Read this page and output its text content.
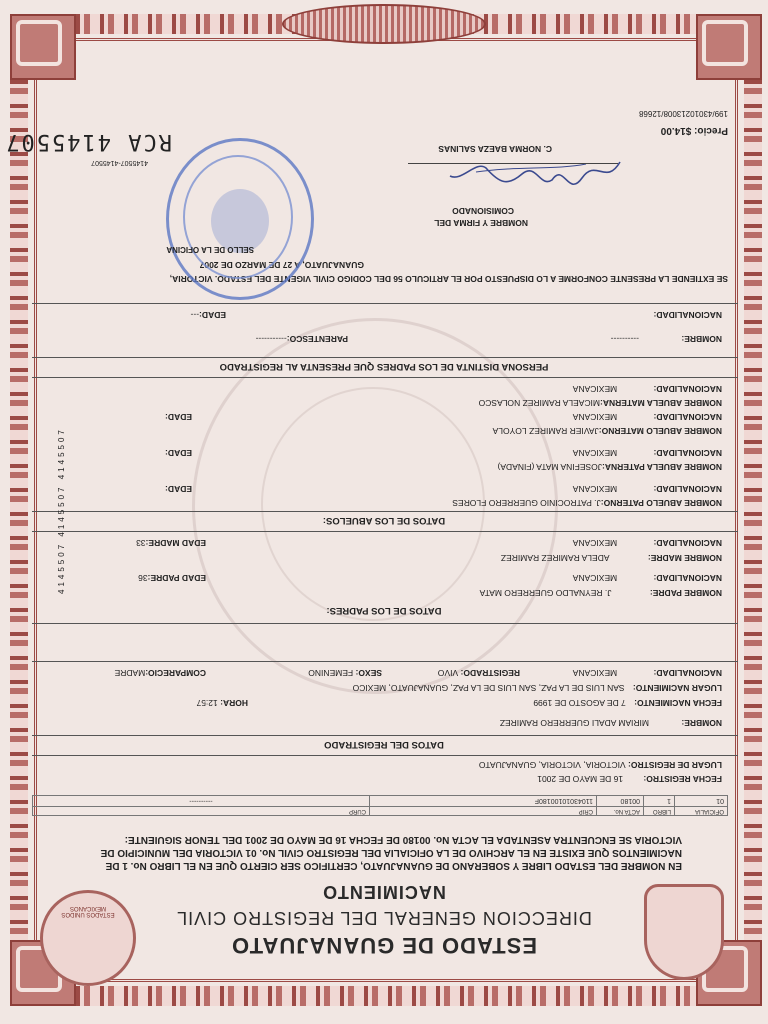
ESTADOS UNIDOS MEXICANOS
ESTADO DE GUANAJUATO
DIRECCION GENERAL DEL REGISTRO CIVIL
NACIMIENTO
EN NOMBRE DEL ESTADO LIBRE Y SOBERANO DE GUANAJUATO, CERTIFICO SER CIERTO QUE EN EL LIBRO No. 1 DE NACIMIENTOS QUE EXISTE EN EL ARCHIVO DE LA OFICIALIA DEL REGISTRO CIVIL No. 01 VICTORIA DEL MUNICIPIO DE VICTORIA SE ENCUENTRA ASENTADA EL ACTA No. 00180 DE FECHA 16 DE MAYO DE 2001 DEL TENOR SIGUIENTE:
OFICIALIA	LIBRO	ACTA No.	CRIP	CURP
01	1	00180	11043010100180F	----------
FECHA REGISTRO: 16 DE MAYO DE 2001
LUGAR DE REGISTRO: VICTORIA, VICTORIA, GUANAJUATO
DATOS DEL REGISTRADO
NOMBRE: MIRIAM ADALI GUERRERO RAMIREZ
FECHA NACIMIENTO: 7 DE AGOSTO DE 1999
HORA: 12:57
LUGAR NACIMIENTO: SAN LUIS DE LA PAZ, SAN LUIS DE LA PAZ, GUANAJUATO, MEXICO
NACIONALIDAD: MEXICANA
REGISTRADO: VIVO
SEXO: FEMENINO
COMPARECIO:MADRE
DATOS DE LOS PADRES:
NOMBRE PADRE: J. REYNALDO GUERRERO MATA
NACIONALIDAD: MEXICANA
EDAD PADRE:36
NOMBRE MADRE: ADELA RAMIREZ RAMIREZ
NACIONALIDAD: MEXICANA
EDAD MADRE:33
DATOS DE LOS ABUELOS:
NOMBRE ABUELO PATERNO:J. PATROCINIO GUERRERO FLORES
NACIONALIDAD: MEXICANA
EDAD:
NOMBRE ABUELA PATERNA:JOSEFINA MATA (FINADA)
NACIONALIDAD: MEXICANA
EDAD:
NOMBRE ABUELO MATERNO:JAVIER RAMIREZ LOYOLA
NACIONALIDAD: MEXICANA
EDAD:
NOMBRE ABUELA MATERNA:MICAELA RAMIREZ NOLASCO
NACIONALIDAD: MEXICANA
PERSONA DISTINTA DE LOS PADRES QUE PRESENTA AL REGISTRADO
NOMBRE: ----------
PARENTESCO:-----------
NACIONALIDAD:
EDAD:---
SE EXTIENDE LA PRESENTE CONFORME A LO DISPUESTO POR EL ARTICULO 56 DEL CODIGO CIVIL VIGENTE DEL ESTADO. VICTORIA,
GUANAJUATO, A 27 DE MARZO DE 2007
SELLO DE LA OFICINA
NOMBRE Y FIRMA DEL
COMISIONADO
C. NORMA BAEZA SALINAS
Precio: $14.00
199/43010213008/12668
RCA 4145507
4145507-4145507
4145507 4145507 4145507
